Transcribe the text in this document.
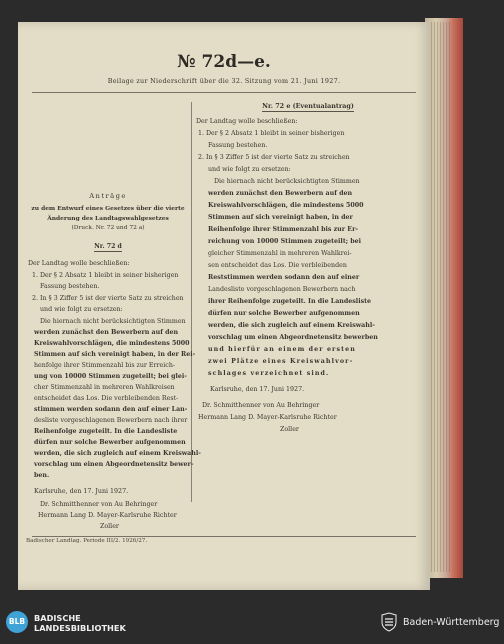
№ 72d—e.
Beilage zur Niederschrift über die 32. Sitzung vom 21. Juni 1927.
Anträge
zu dem Entwurf eines Gesetzes über die vierte
Änderung des Landtagswahlgesetzes
(Druck. Nr. 72 und 72 a)
Nr. 72 d
Der Landtag wolle beschließen:
1. Der § 2 Absatz 1 bleibt in seiner bisherigen
Fassung bestehen.
2. In § 3 Ziffer 5 ist der vierte Satz zu streichen
und wie folgt zu ersetzen:
Die hiernach nicht berücksichtigten Stimmen
werden zunächst den Bewerbern auf den
Kreiswahlvorschlägen, die mindestens 5000
Stimmen auf sich vereinigt haben, in der Rei-
henfolge ihrer Stimmenzahl bis zur Erreich-
ung von 10000 Stimmen zugeteilt; bei glei-
cher Stimmenzahl in mehreren Wahlkreisen
entscheidet das Los. Die verbleibenden Rest-
stimmen werden sodann den auf einer Lan-
desliste vorgeschlagenen Bewerbern nach ihrer
Reihenfolge zugeteilt. In die Landesliste
dürfen nur solche Bewerber aufgenommen
werden, die sich zugleich auf einem Kreiswahl-
vorschlag um einen Abgeordnetensitz bewer-
ben.
Karlsruhe, den 17. Juni 1927.
Dr. Schmitthenner von Au Behringer
Hermann Lang D. Mayer-Karlsruhe Richter
Zoller
Nr. 72 e (Eventualantrag)
Der Landtag wolle beschließen:
1. Der § 2 Absatz 1 bleibt in seiner bisherigen
Fassung bestehen.
2. In § 3 Ziffer 5 ist der vierte Satz zu streichen
und wie folgt zu ersetzen:
Die hiernach nicht berücksichtigten Stimmen
werden zunächst den Bewerbern auf den
Kreiswahlvorschlägen, die mindestens 5000
Stimmen auf sich vereinigt haben, in der
Reihenfolge ihrer Stimmenzahl bis zur Er-
reichung von 10000 Stimmen zugeteilt; bei
gleicher Stimmenzahl in mehreren Wahlkrei-
sen entscheidet das Los. Die verbleibenden
Reststimmen werden sodann den auf einer
Landesliste vorgeschlagenen Bewerbern nach
ihrer Reihenfolge zugeteilt. In die Landesliste
dürfen nur solche Bewerber aufgenommen
werden, die sich zugleich auf einem Kreiswahl-
vorschlag um einen Abgeordnetensitz bewerben
und hierfür an einem der ersten
zwei Plätze eines Kreiswahlvor-
schlages verzeichnet sind.
Karlsruhe, den 17. Juni 1927.
Dr. Schmitthenner von Au Behringer
Hermann Lang D. Mayer-Karlsruhe Richter
Zoller
Badischer Landtag. Periode III/2. 1926/27.
BLB	BADISCHE
LANDESBIBLIOTHEK	Baden-Württemberg
